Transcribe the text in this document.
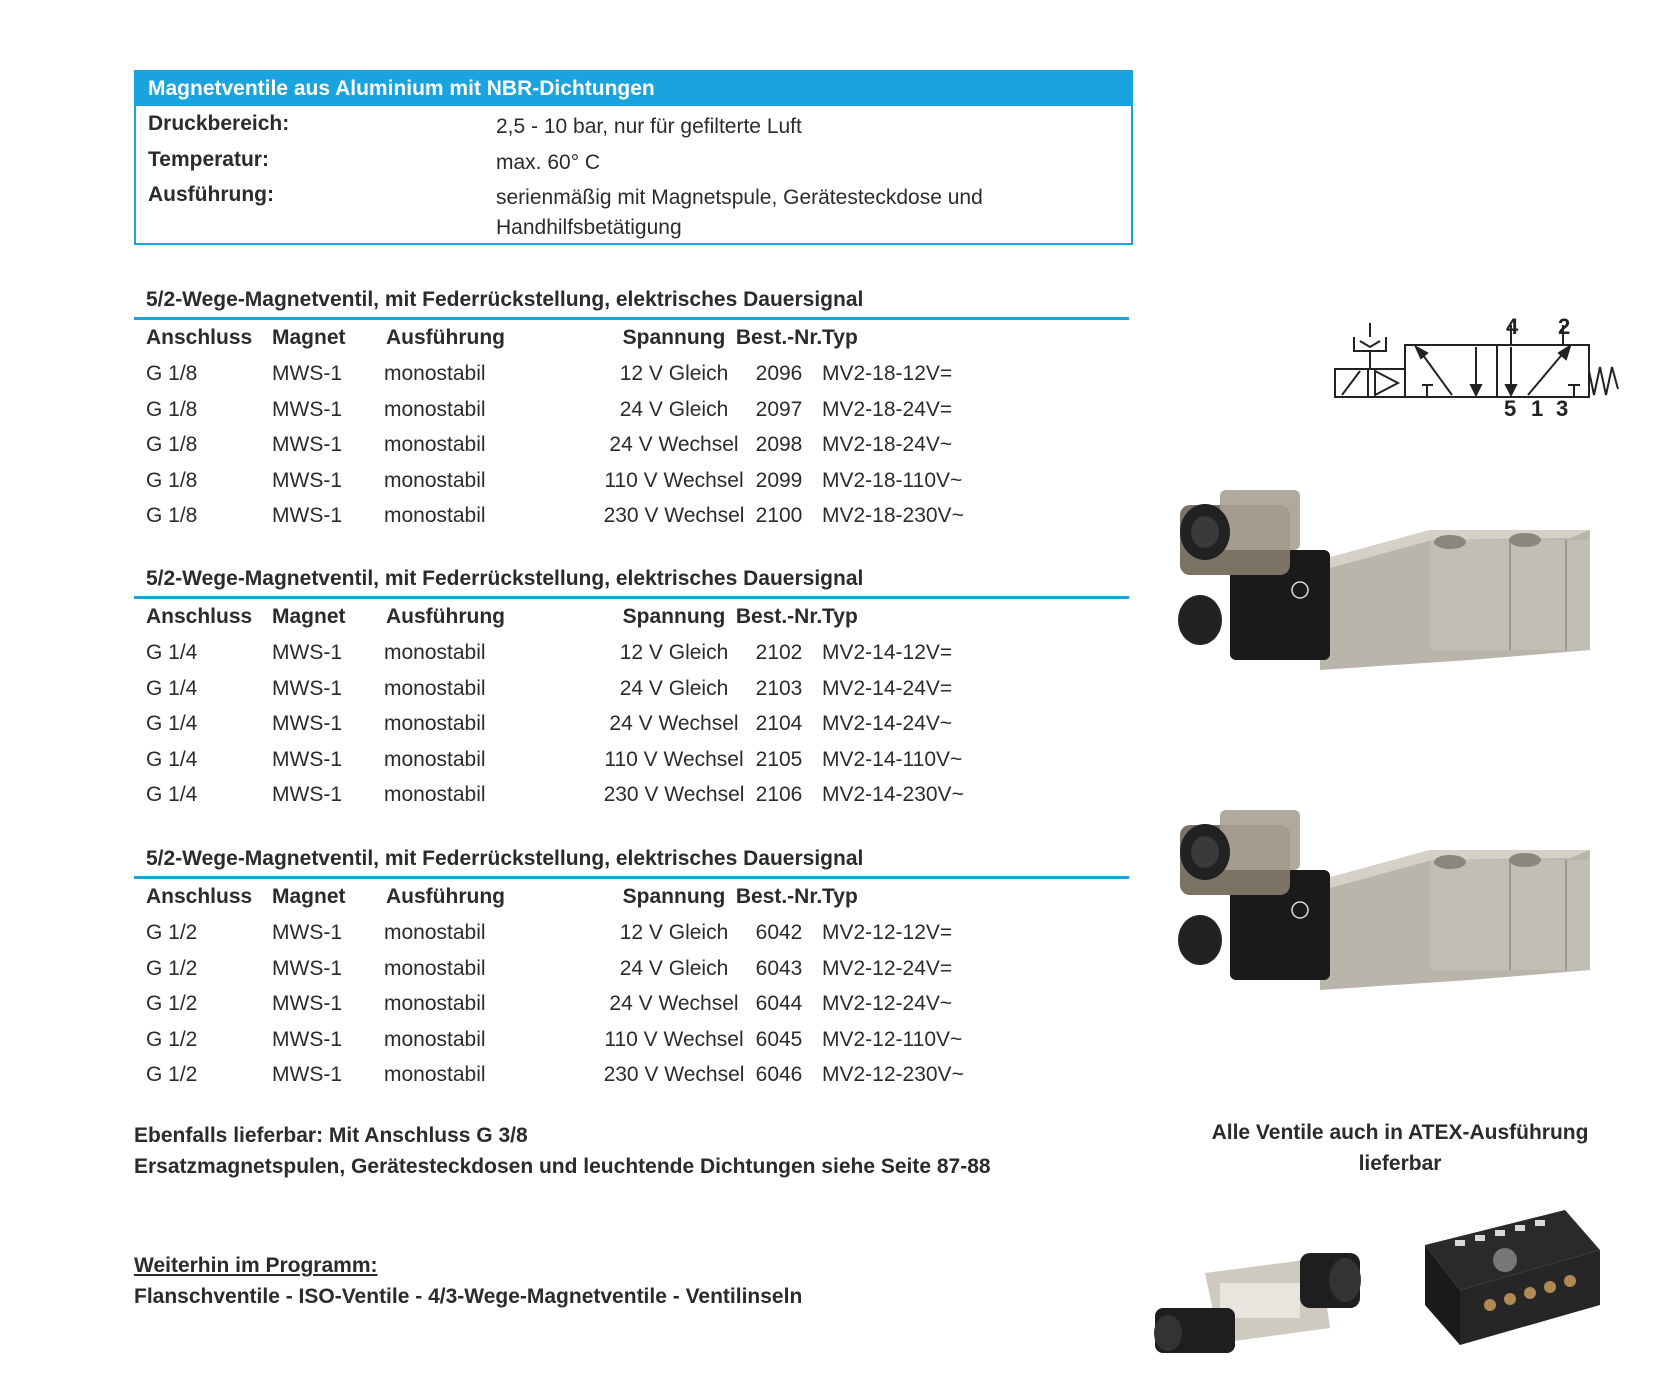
Magnetventile aus Aluminium mit NBR-Dichtungen
Druckbereich:	2,5 - 10 bar, nur für gefilterte Luft
Temperatur:	max. 60° C
Ausführung:	serienmäßig mit Magnetspule, Gerätesteckdose und Handhilfsbetätigung
5/2-Wege-Magnetventil, mit Federrückstellung, elektrisches Dauersignal
Anschluss Magnet Ausführung	Spannung Best.-Nr. Typ
G 1/8	MWS-1 monostabil	12 V Gleich	2096 MV2-18-12V=
G 1/8	MWS-1 monostabil	24 V Gleich	2097 MV2-18-24V=
G 1/8	MWS-1 monostabil	24 V Wechsel 2098 MV2-18-24V~
G 1/8	MWS-1 monostabil	110 V Wechsel 2099 MV2-18-110V~
G 1/8	MWS-1 monostabil	230 V Wechsel 2100 MV2-18-230V~
5/2-Wege-Magnetventil, mit Federrückstellung, elektrisches Dauersignal
Anschluss Magnet Ausführung	Spannung Best.-Nr. Typ
G 1/4	MWS-1 monostabil	12 V Gleich	2102 MV2-14-12V=
G 1/4	MWS-1 monostabil	24 V Gleich	2103 MV2-14-24V=
G 1/4	MWS-1 monostabil	24 V Wechsel 2104 MV2-14-24V~
G 1/4	MWS-1 monostabil	110 V Wechsel 2105 MV2-14-110V~
G 1/4	MWS-1 monostabil	230 V Wechsel 2106 MV2-14-230V~
5/2-Wege-Magnetventil, mit Federrückstellung, elektrisches Dauersignal
Anschluss Magnet Ausführung	Spannung Best.-Nr. Typ
G 1/2	MWS-1 monostabil	12 V Gleich	6042 MV2-12-12V=
G 1/2	MWS-1 monostabil	24 V Gleich	6043 MV2-12-24V=
G 1/2	MWS-1 monostabil	24 V Wechsel 6044 MV2-12-24V~
G 1/2	MWS-1 monostabil	110 V Wechsel 6045 MV2-12-110V~
G 1/2	MWS-1 monostabil	230 V Wechsel 6046 MV2-12-230V~
4 2
5 1 3
Ebenfalls lieferbar: Mit Anschluss G 3/8
Ersatzmagnetspulen, Gerätesteckdosen und leuchtende Dichtungen siehe Seite 87-88
Alle Ventile auch in ATEX-Ausführung
lieferbar
Weiterhin im Programm:
Flanschventile - ISO-Ventile - 4/3-Wege-Magnetventile - Ventilinseln
